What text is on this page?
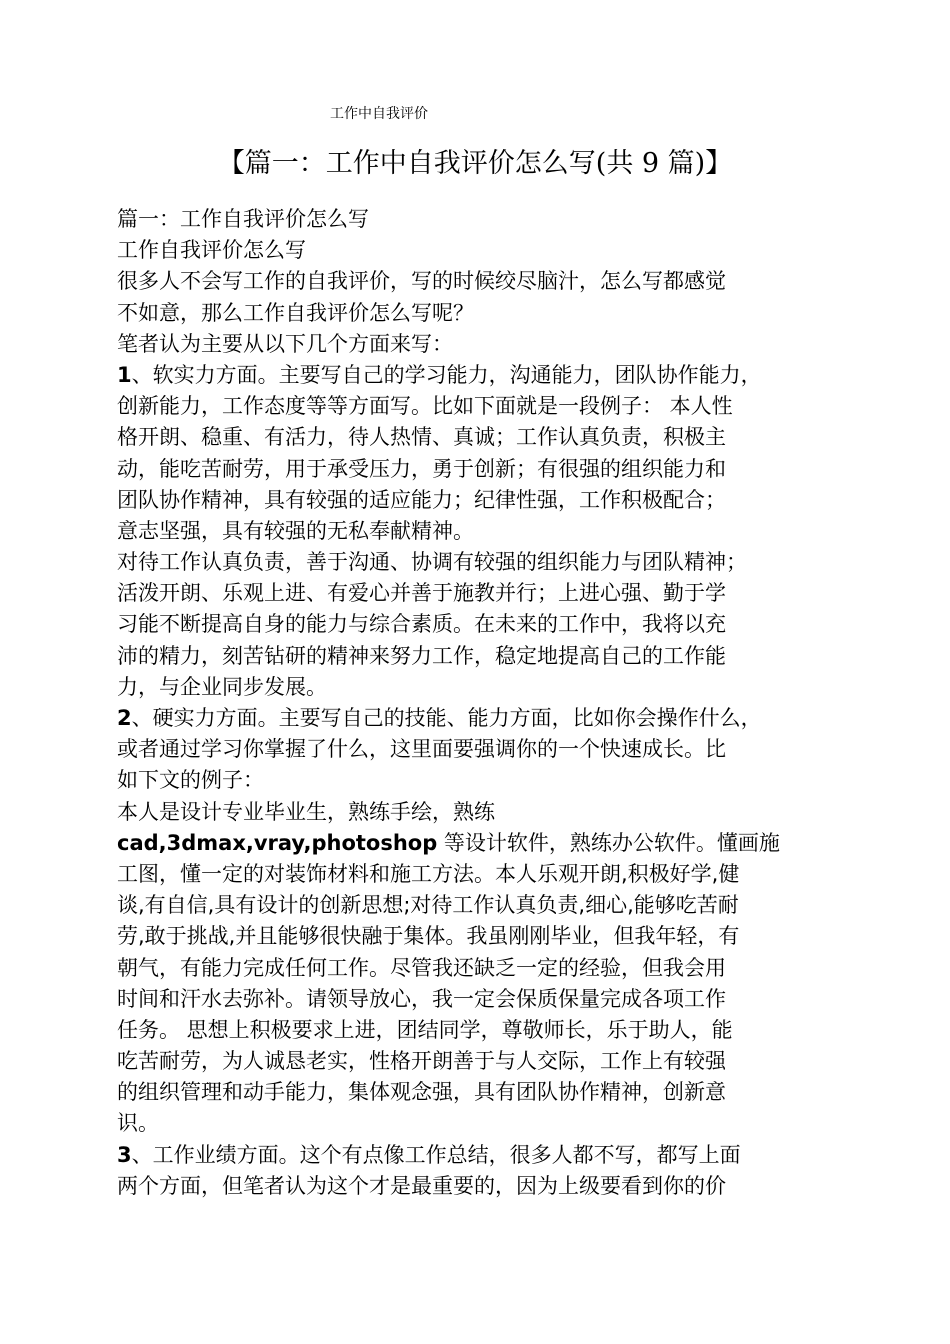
工作中自我评价
【篇一：工作中自我评价怎么写(共 9 篇)】
篇一：工作自我评价怎么写
工作自我评价怎么写
很多人不会写工作的自我评价，写的时候绞尽脑汁，怎么写都感觉
不如意，那么工作自我评价怎么写呢？
笔者认为主要从以下几个方面来写：
1、软实力方面。主要写自己的学习能力，沟通能力，团队协作能力，
创新能力，工作态度等等方面写。比如下面就是一段例子： 本人性
格开朗、稳重、有活力，待人热情、真诚；工作认真负责，积极主
动，能吃苦耐劳，用于承受压力，勇于创新；有很强的组织能力和
团队协作精神，具有较强的适应能力；纪律性强，工作积极配合；
意志坚强，具有较强的无私奉献精神。
对待工作认真负责，善于沟通、协调有较强的组织能力与团队精神；
活泼开朗、乐观上进、有爱心并善于施教并行；上进心强、勤于学
习能不断提高自身的能力与综合素质。在未来的工作中，我将以充
沛的精力，刻苦钻研的精神来努力工作，稳定地提高自己的工作能
力，与企业同步发展。
2、硬实力方面。主要写自己的技能、能力方面，比如你会操作什么，
或者通过学习你掌握了什么，这里面要强调你的一个快速成长。比
如下文的例子：
本人是设计专业毕业生，熟练手绘，熟练
cad,3dmax,vray,photoshop 等设计软件，熟练办公软件。懂画施
工图，懂一定的对装饰材料和施工方法。本人乐观开朗,积极好学,健
谈,有自信,具有设计的创新思想;对待工作认真负责,细心,能够吃苦耐
劳,敢于挑战,并且能够很快融于集体。我虽刚刚毕业，但我年轻，有
朝气，有能力完成任何工作。尽管我还缺乏一定的经验，但我会用
时间和汗水去弥补。请领导放心，我一定会保质保量完成各项工作
任务。 思想上积极要求上进，团结同学，尊敬师长，乐于助人，能
吃苦耐劳，为人诚恳老实，性格开朗善于与人交际，工作上有较强
的组织管理和动手能力，集体观念强，具有团队协作精神，创新意
识。
3、工作业绩方面。这个有点像工作总结，很多人都不写，都写上面
两个方面，但笔者认为这个才是最重要的，因为上级要看到你的价
